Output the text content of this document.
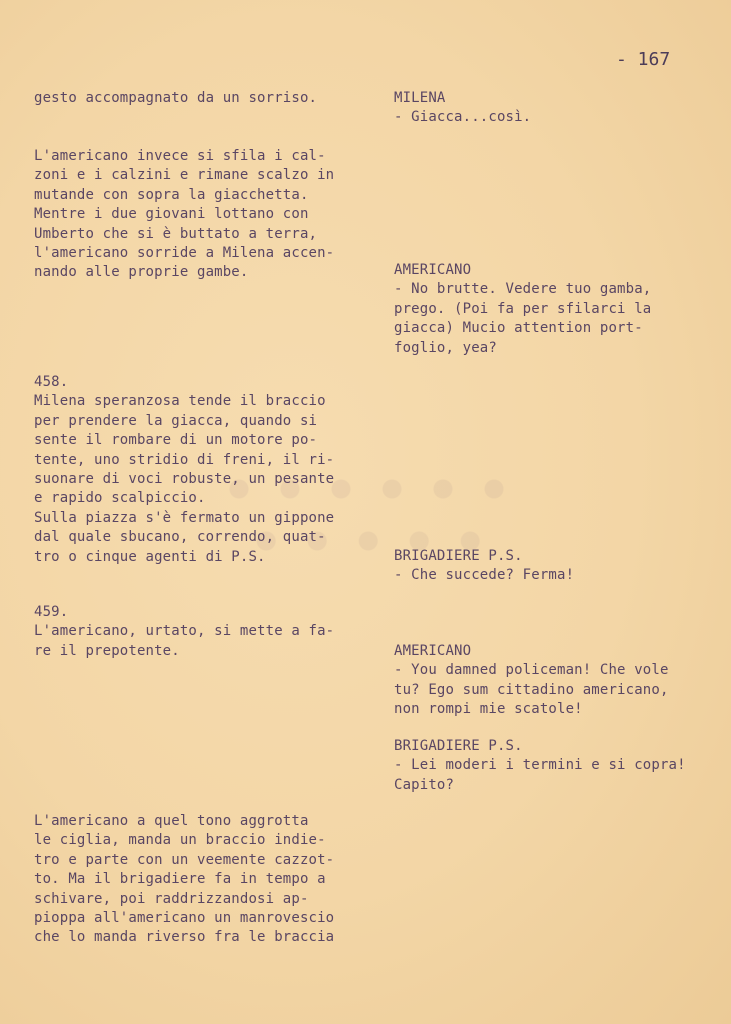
- 167

gesto accompagnato da un sorriso.

L'americano invece si sfila i cal-
zoni e i calzini e rimane scalzo in
mutande con sopra la giacchetta.
Mentre i due giovani lottano con
Umberto che si è buttato a terra,
l'americano sorride a Milena accen-
nando alle proprie gambe.

458.
Milena speranzosa tende il braccio
per prendere la giacca, quando si
sente il rombare di un motore po-
tente, uno stridio di freni, il ri-
suonare di voci robuste, un pesante
e rapido scalpiccio.
Sulla piazza s'è fermato un gippone
dal quale sbucano, correndo, quat-
tro o cinque agenti di P.S.

459.
L'americano, urtato, si mette a fa-
re il prepotente.

L'americano a quel tono aggrotta
le ciglia, manda un braccio indie-
tro e parte con un veemente cazzot-
to. Ma il brigadiere fa in tempo a
schivare, poi raddrizzandosi ap-
pioppa all'americano un manrovescio
che lo manda riverso fra le braccia

MILENA
- Giacca...così.

AMERICANO
- No brutte. Vedere tuo gamba,
prego. (Poi fa per sfilarci la
giacca) Mucio attention port-
foglio, yea?

BRIGADIERE P.S.
- Che succede? Ferma!

AMERICANO
- You damned policeman! Che vole
tu? Ego sum cittadino americano,
non rompi mie scatole!

BRIGADIERE P.S.
- Lei moderi i termini e si copra!
Capito?
